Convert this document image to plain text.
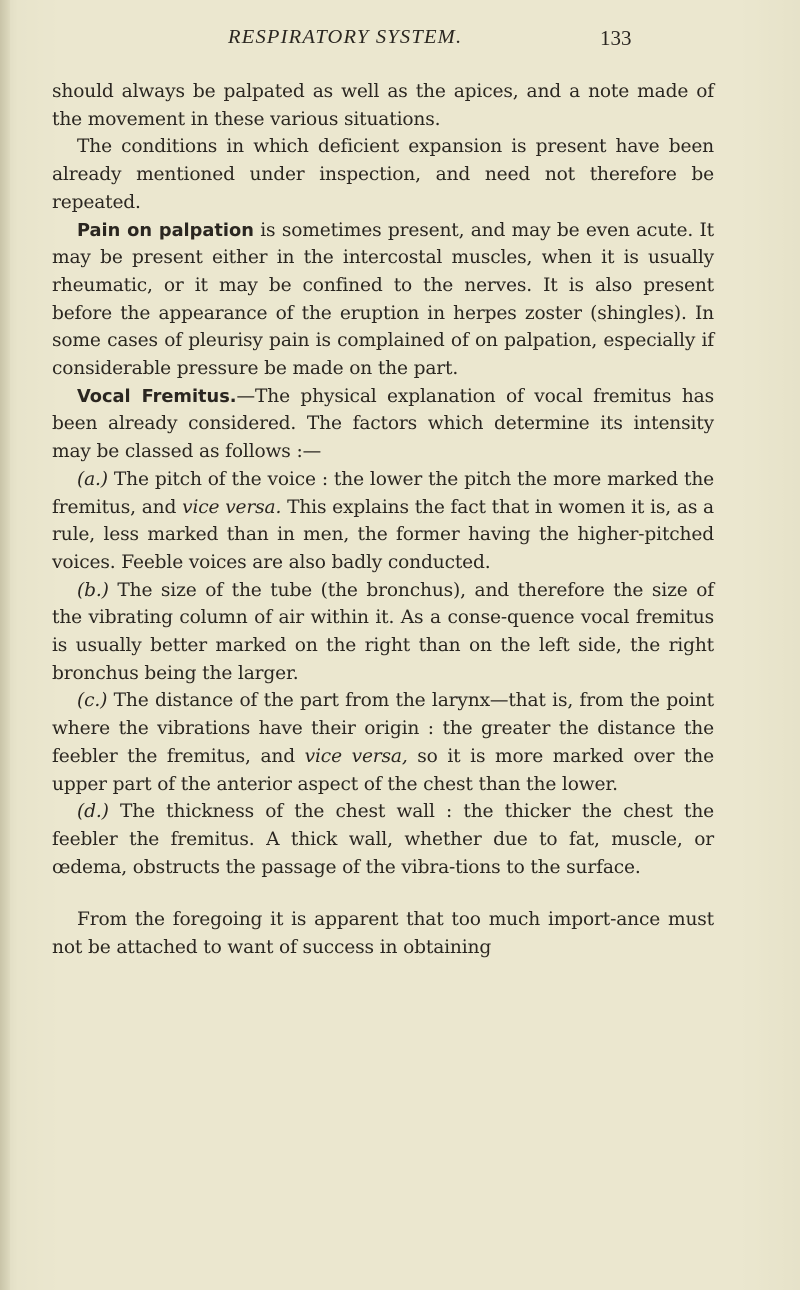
RESPIRATORY SYSTEM.	133

should always be palpated as well as the apices, and a note made of the movement in these various situations.

The conditions in which deficient expansion is present have been already mentioned under inspection, and need not therefore be repeated.

Pain on palpation is sometimes present, and may be even acute. It may be present either in the intercostal muscles, when it is usually rheumatic, or it may be confined to the nerves. It is also present before the appearance of the eruption in herpes zoster (shingles). In some cases of pleurisy pain is complained of on palpation, especially if considerable pressure be made on the part.

Vocal Fremitus.—The physical explanation of vocal fremitus has been already considered. The factors which determine its intensity may be classed as follows :—

(a.) The pitch of the voice : the lower the pitch the more marked the fremitus, and vice versa. This explains the fact that in women it is, as a rule, less marked than in men, the former having the higher-pitched voices. Feeble voices are also badly conducted.

(b.) The size of the tube (the bronchus), and therefore the size of the vibrating column of air within it. As a conse-quence vocal fremitus is usually better marked on the right than on the left side, the right bronchus being the larger.

(c.) The distance of the part from the larynx—that is, from the point where the vibrations have their origin : the greater the distance the feebler the fremitus, and vice versa, so it is more marked over the upper part of the anterior aspect of the chest than the lower.

(d.) The thickness of the chest wall : the thicker the chest the feebler the fremitus. A thick wall, whether due to fat, muscle, or œdema, obstructs the passage of the vibra-tions to the surface.

From the foregoing it is apparent that too much import-ance must not be attached to want of success in obtaining
